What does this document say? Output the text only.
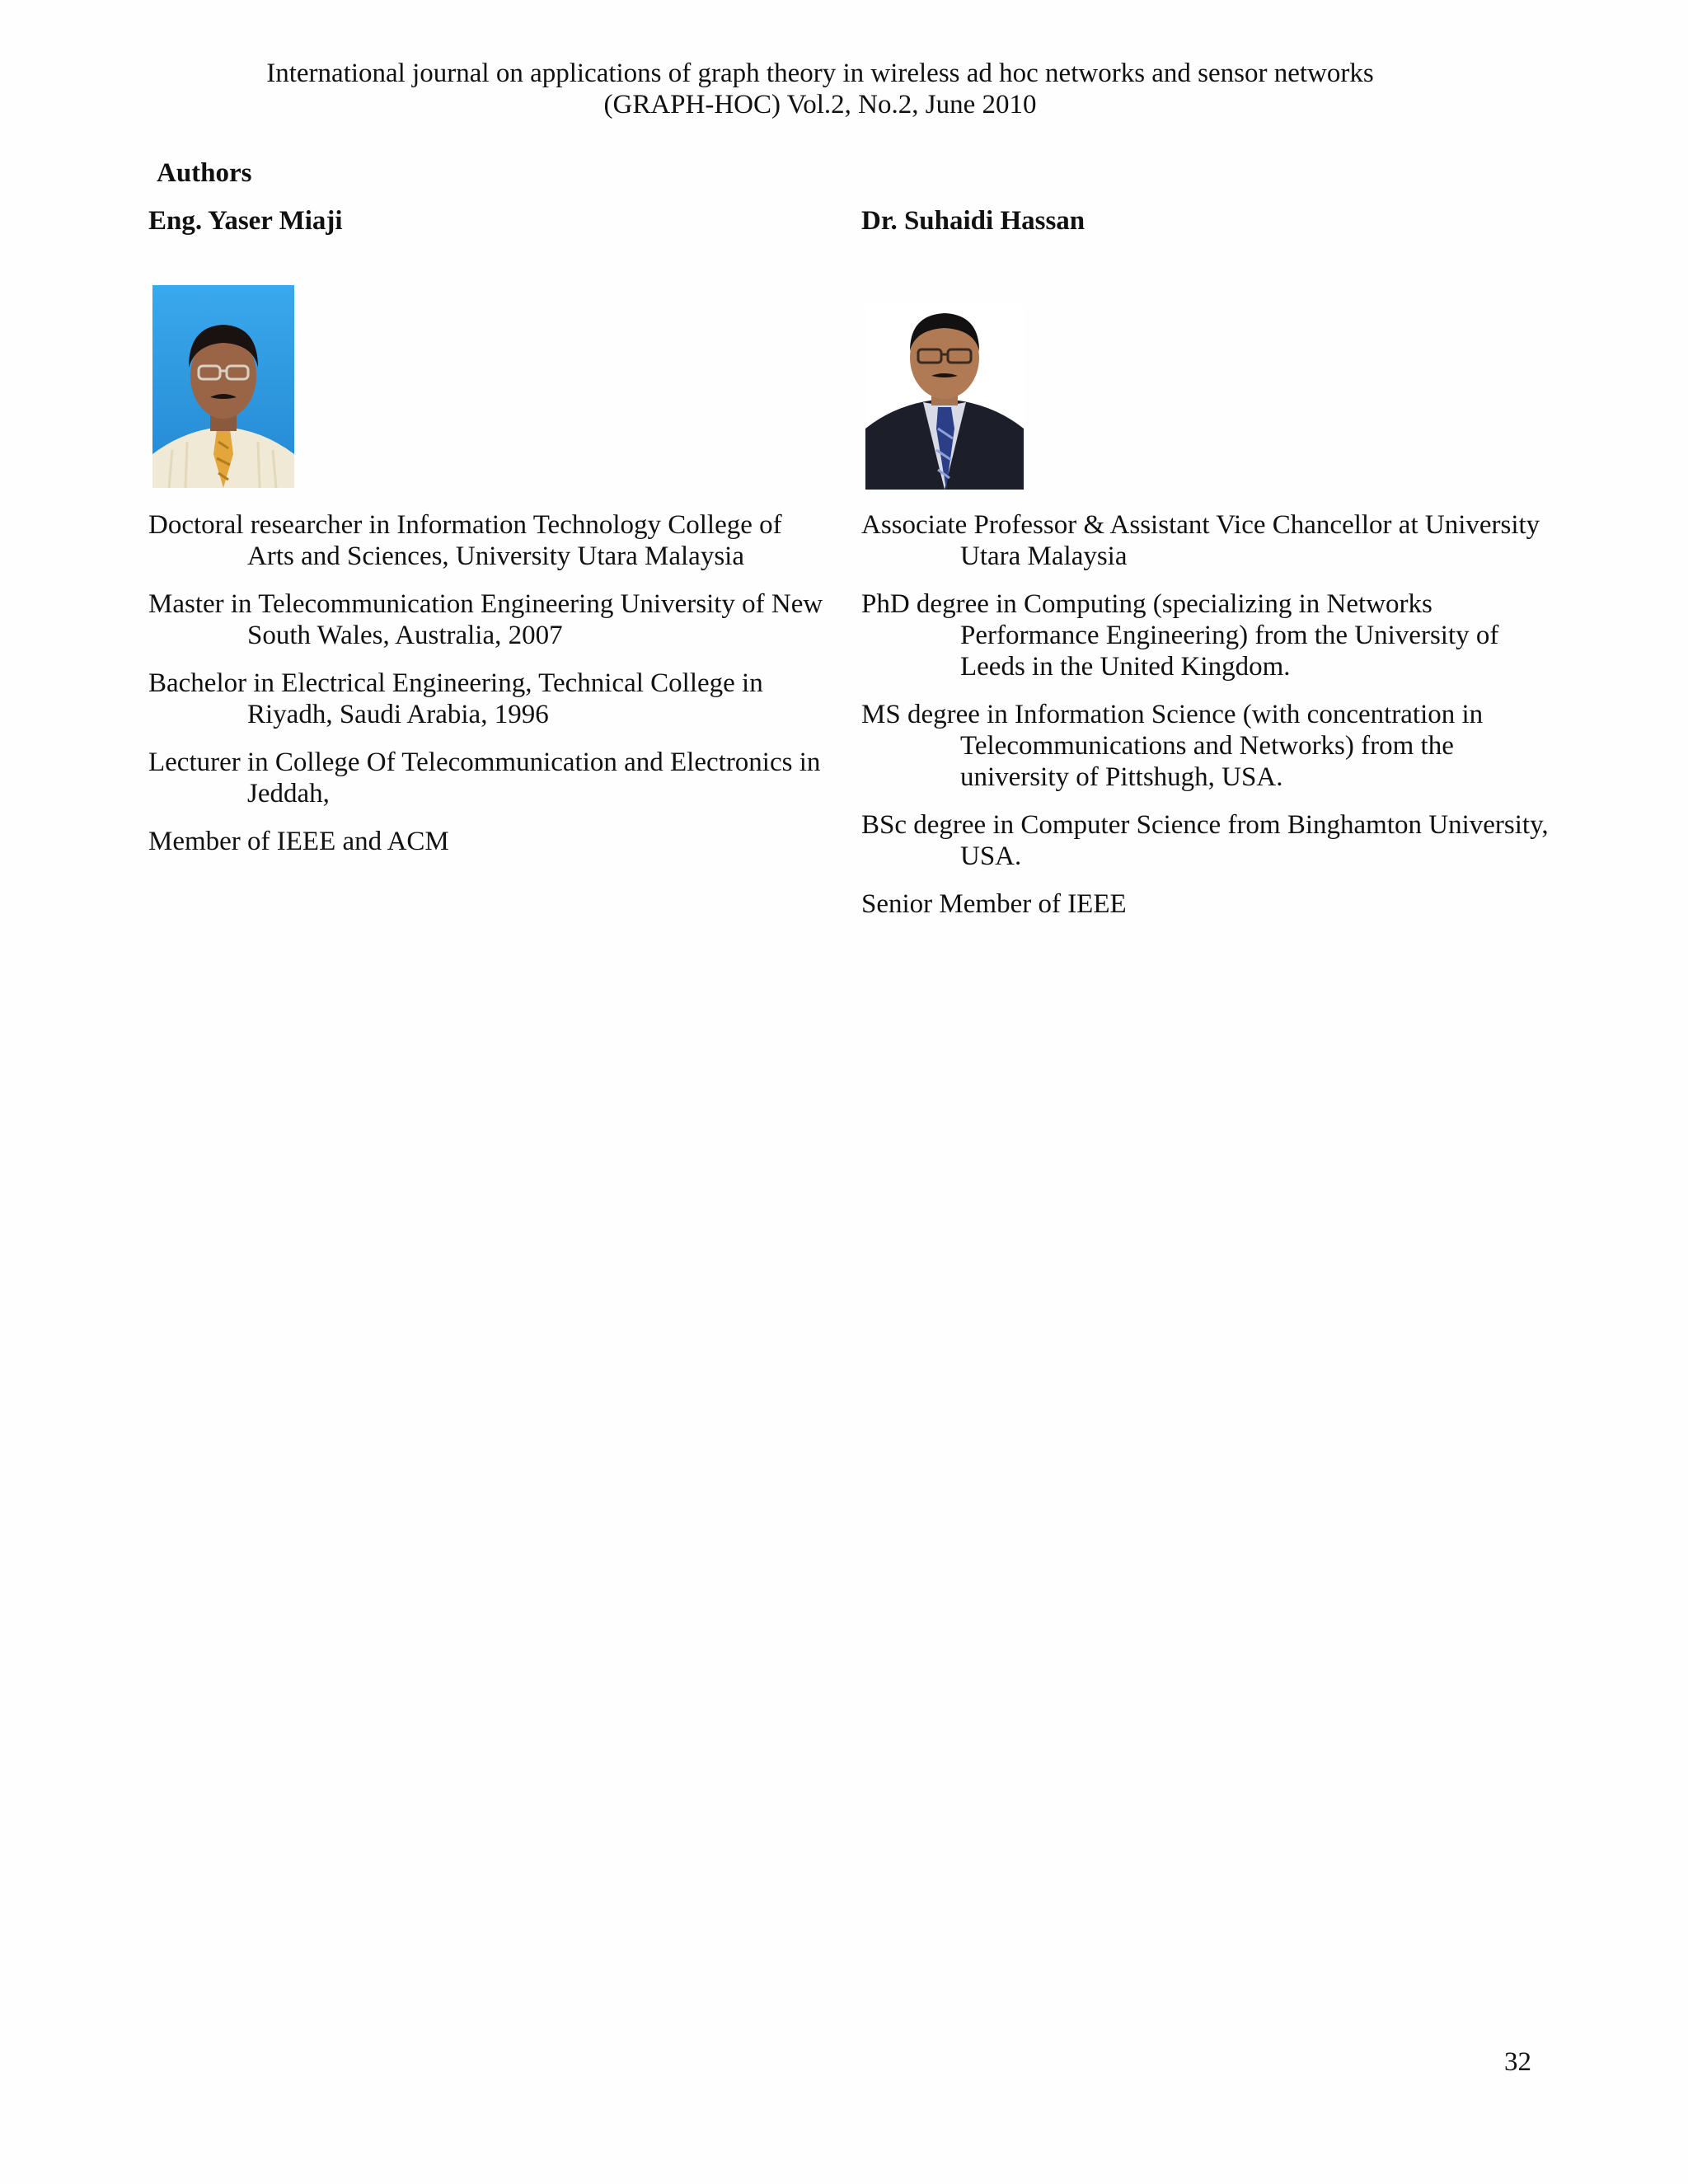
International journal on applications of graph theory in wireless ad hoc networks and sensor networks
(GRAPH-HOC) Vol.2, No.2, June 2010
Authors

Eng. Yaser Miaji

Doctoral researcher in Information Technology College of Arts and Sciences, University Utara Malaysia

Master in Telecommunication Engineering University of New South Wales, Australia, 2007

Bachelor in Electrical Engineering, Technical College in Riyadh, Saudi Arabia, 1996

Lecturer in College Of Telecommunication and Electronics in Jeddah,

Member of IEEE and ACM

Dr. Suhaidi Hassan

Associate Professor & Assistant Vice Chancellor at University Utara Malaysia

PhD degree in Computing (specializing in Networks Performance Engineering) from the University of Leeds in the United Kingdom.

MS degree in Information Science (with concentration in Telecommunications and Networks) from the university of Pittshugh, USA.

BSc degree in Computer Science from Binghamton University, USA.

Senior Member of IEEE

32
